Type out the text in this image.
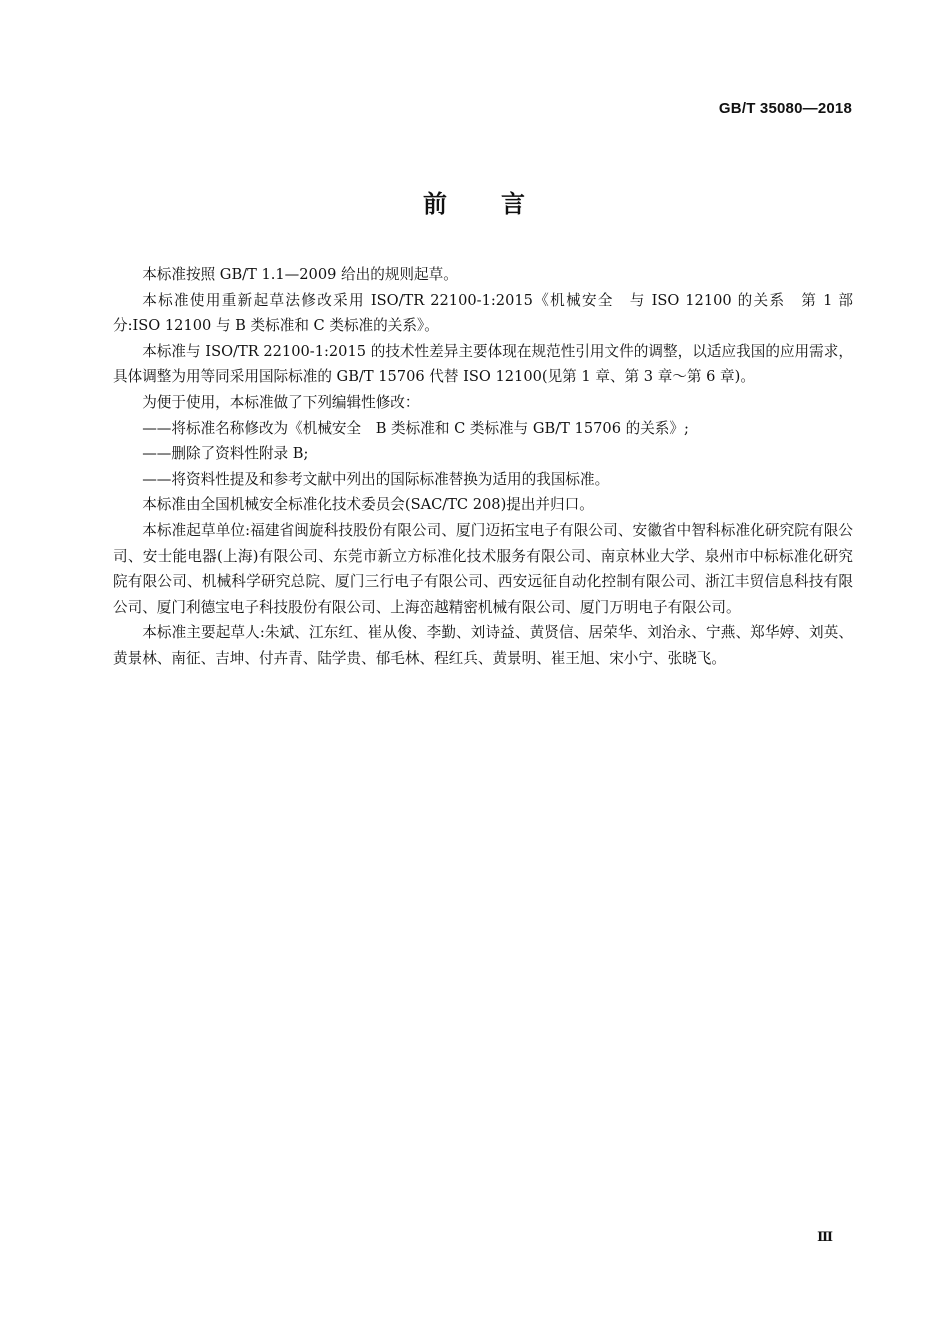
GB/T 35080—2018
前 言

本标准按照 GB/T 1.1—2009 给出的规则起草。

本标准使用重新起草法修改采用 ISO/TR 22100-1:2015《机械安全　与 ISO 12100 的关系　第 1 部分:ISO 12100 与 B 类标准和 C 类标准的关系》。

本标准与 ISO/TR 22100-1:2015 的技术性差异主要体现在规范性引用文件的调整，以适应我国的应用需求，具体调整为用等同采用国际标准的 GB/T 15706 代替 ISO 12100(见第 1 章、第 3 章～第 6 章)。

为便于使用，本标准做了下列编辑性修改：

——将标准名称修改为《机械安全　B 类标准和 C 类标准与 GB/T 15706 的关系》;

——删除了资料性附录 B;

——将资料性提及和参考文献中列出的国际标准替换为适用的我国标准。

本标准由全国机械安全标准化技术委员会(SAC/TC 208)提出并归口。

本标准起草单位:福建省闽旋科技股份有限公司、厦门迈拓宝电子有限公司、安徽省中智科标准化研究院有限公司、安士能电器(上海)有限公司、东莞市新立方标准化技术服务有限公司、南京林业大学、泉州市中标标准化研究院有限公司、机械科学研究总院、厦门三行电子有限公司、西安远征自动化控制有限公司、浙江丰贸信息科技有限公司、厦门利德宝电子科技股份有限公司、上海峦越精密机械有限公司、厦门万明电子有限公司。

本标准主要起草人:朱斌、江东红、崔从俊、李勤、刘诗益、黄贤信、居荣华、刘治永、宁燕、郑华婷、刘英、黄景林、南征、吉坤、付卉青、陆学贵、郁毛林、程红兵、黄景明、崔王旭、宋小宁、张晓飞。

Ⅲ
